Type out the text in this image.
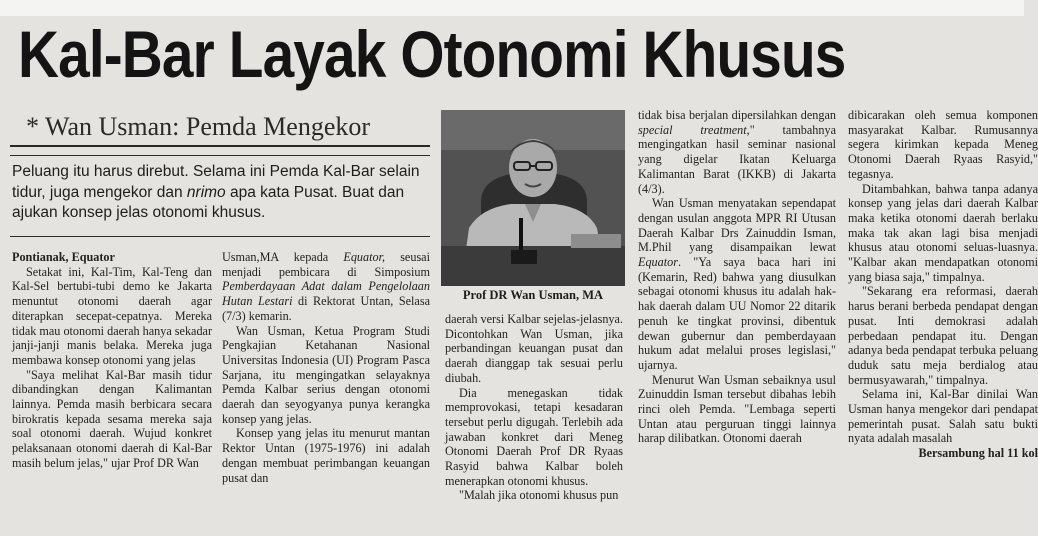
Kal-Bar Layak Otonomi Khusus
* Wan Usman: Pemda Mengekor
Peluang itu harus direbut. Selama ini Pemda Kal-Bar selain tidur, juga mengekor dan nrimo apa kata Pusat. Buat dan ajukan konsep jelas otonomi khusus.

Pontianak, Equator

Setakat ini, Kal-Tim, Kal-Teng dan Kal-Sel bertubi-tubi demo ke Jakarta menuntut otonomi daerah agar diterapkan secepat-cepatnya. Mereka tidak mau otonomi daerah hanya sekadar janji-janji manis belaka. Mereka juga membawa konsep otonomi yang jelas

"Saya melihat Kal-Bar masih tidur dibandingkan dengan Kalimantan lainnya. Pemda masih berbicara secara birokratis kepada sesama mereka saja soal otonomi daerah. Wujud konkret pelaksanaan otonomi daerah di Kal-Bar masih belum jelas," ujar Prof DR Wan

Usman,MA kepada Equator, seusai menjadi pembicara di Simposium Pemberdayaan Adat dalam Pengelolaan Hutan Lestari di Rektorat Untan, Selasa (7/3) kemarin.

Wan Usman, Ketua Program Studi Pengkajian Ketahanan Nasional Universitas Indonesia (UI) Program Pasca Sarjana, itu mengingatkan selayaknya Pemda Kalbar serius dengan otonomi daerah dan seyogyanya punya kerangka konsep yang jelas.

Konsep yang jelas itu menurut mantan Rektor Untan (1975-1976) ini adalah dengan membuat perimbangan keuangan pusat dan

Prof DR Wan Usman, MA

daerah versi Kalbar sejelas-jelasnya. Dicontohkan Wan Usman, jika perbandingan keuangan pusat dan daerah dianggap tak sesuai perlu diubah.

Dia menegaskan tidak memprovokasi, tetapi kesadaran tersebut perlu digugah. Terlebih ada jawaban konkret dari Meneg Otonomi Daerah Prof DR Ryaas Rasyid bahwa Kalbar boleh menerapkan otonomi khusus.

"Malah jika otonomi khusus pun

tidak bisa berjalan dipersilahkan dengan special treatment," tambahnya mengingatkan hasil seminar nasional yang digelar Ikatan Keluarga Kalimantan Barat (IKKB) di Jakarta (4/3).

Wan Usman menyatakan sependapat dengan usulan anggota MPR RI Utusan Daerah Kalbar Drs Zainuddin Isman, M.Phil yang disampaikan lewat Equator. "Ya saya baca hari ini (Kemarin, Red) bahwa yang diusulkan sebagai otonomi khusus itu adalah hak-hak daerah dalam UU Nomor 22 ditarik penuh ke tingkat provinsi, dibentuk dewan gubernur dan pemberdayaan hukum adat melalui proses legislasi," ujarnya.

Menurut Wan Usman sebaiknya usul Zuinuddin Isman tersebut dibahas lebih rinci oleh Pemda. "Lembaga seperti Untan atau perguruan tinggi lainnya harap dilibatkan. Otonomi daerah

dibicarakan oleh semua komponen masyarakat Kalbar. Rumusannya segera kirimkan kepada Meneg Otonomi Daerah Ryaas Rasyid," tegasnya.

Ditambahkan, bahwa tanpa adanya konsep yang jelas dari daerah Kalbar maka ketika otonomi daerah berlaku maka tak akan lagi bisa menjadi khusus atau otonomi seluas-luasnya. "Kalbar akan mendapatkan otonomi yang biasa saja," timpalnya.

"Sekarang era reformasi, daerah harus berani berbeda pendapat dengan pusat. Inti demokrasi adalah perbedaan pendapat itu. Dengan adanya beda pendapat terbuka peluang duduk satu meja berdialog atau bermusyawarah," timpalnya.

Selama ini, Kal-Bar dinilai Wan Usman hanya mengekor dari pendapat pemerintah pusat. Salah satu bukti nyata adalah masalah

Bersambung hal 11 kol
